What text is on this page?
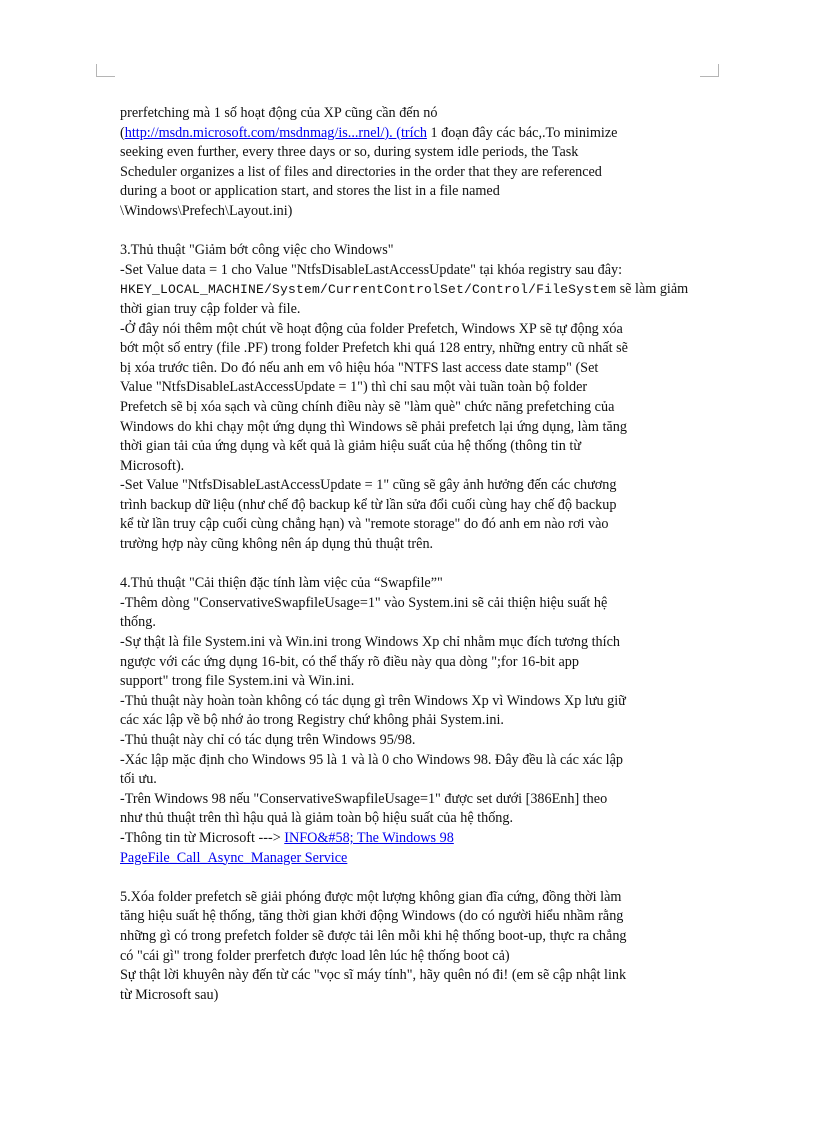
prerfetching mà 1 số hoạt động của XP cũng cần đến nó
(http://msdn.microsoft.com/msdnmag/is...rnel/). (trích 1 đoạn đây các bác,.To minimize
seeking even further, every three days or so, during system idle periods, the Task
Scheduler organizes a list of files and directories in the order that they are referenced
during a boot or application start, and stores the list in a file named
\Windows\Prefech\Layout.ini)
3.Thủ thuật "Giảm bớt công việc cho Windows"
-Set Value data = 1 cho Value "NtfsDisableLastAccessUpdate" tại khóa registry sau đây:
HKEY_LOCAL_MACHINE/System/CurrentControlSet/Control/FileSystem sẽ làm giảm
thời gian truy cập folder và file.
-Ở đây nói thêm một chút về hoạt động của folder Prefetch, Windows XP sẽ tự động xóa
bớt một số entry (file .PF) trong folder Prefetch khi quá 128 entry, những entry cũ nhất sẽ
bị xóa trước tiên. Do đó nếu anh em vô hiệu hóa "NTFS last access date stamp" (Set
Value "NtfsDisableLastAccessUpdate = 1") thì chỉ sau một vài tuần toàn bộ folder
Prefetch sẽ bị xóa sạch và cũng chính điều này sẽ "làm què" chức năng prefetching của
Windows do khi chạy một ứng dụng thì Windows sẽ phải prefetch lại ứng dụng, làm tăng
thời gian tải của ứng dụng và kết quả là giảm hiệu suất của hệ thống (thông tin từ
Microsoft).
-Set Value "NtfsDisableLastAccessUpdate = 1" cũng sẽ gây ảnh hưởng đến các chương
trình backup dữ liệu (như chế độ backup kể từ lần sửa đổi cuối cùng hay chế độ backup
kể từ lần truy cập cuối cùng chẳng hạn) và "remote storage" do đó anh em nào rơi vào
trường hợp này cũng không nên áp dụng thủ thuật trên.
4.Thủ thuật "Cải thiện đặc tính làm việc của “Swapfile”"
-Thêm dòng "ConservativeSwapfileUsage=1" vào System.ini sẽ cải thiện hiệu suất hệ
thống.
-Sự thật là file System.ini và Win.ini trong Windows Xp chỉ nhằm mục đích tương thích
ngược với các ứng dụng 16-bit, có thể thấy rõ điều này qua dòng ";for 16-bit app
support" trong file System.ini và Win.ini.
-Thủ thuật này hoàn toàn không có tác dụng gì trên Windows Xp vì Windows Xp lưu giữ
các xác lập về bộ nhớ ảo trong Registry chứ không phải System.ini.
-Thủ thuật này chỉ có tác dụng trên Windows 95/98.
-Xác lập mặc định cho Windows 95 là 1 và là 0 cho Windows 98. Đây đều là các xác lập
tối ưu.
-Trên Windows 98 nếu "ConservativeSwapfileUsage=1" được set dưới [386Enh] theo
như thủ thuật trên thì hậu quả là giảm toàn bộ hiệu suất của hệ thống.
-Thông tin từ Microsoft ---> INFO&#58; The Windows 98
PageFile_Call_Async_Manager Service
5.Xóa folder prefetch sẽ giải phóng được một lượng không gian đĩa cứng, đồng thời làm
tăng hiệu suất hệ thống, tăng thời gian khởi động Windows (do có người hiểu nhầm rằng
những gì có trong prefetch folder sẽ được tải lên mỗi khi hệ thống boot-up, thực ra chẳng
có "cái gì" trong folder prerfetch được load lên lúc hệ thống boot cả)
Sự thật lời khuyên này đến từ các "vọc sĩ máy tính", hãy quên nó đi! (em sẽ cập nhật link
từ Microsoft sau)
